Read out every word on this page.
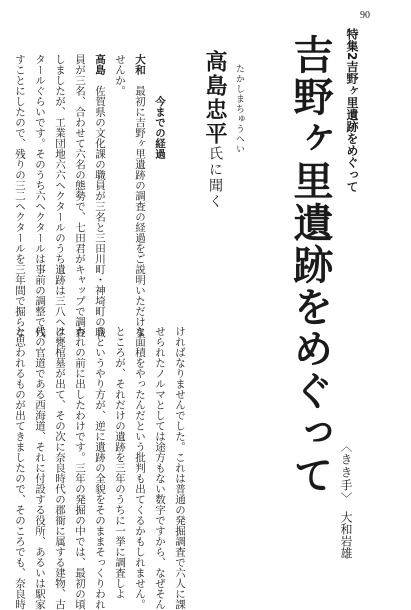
90
特集2吉野ヶ里遺跡をめぐって
吉野ヶ里遺跡をめぐって
たかしまちゅうへい
高島忠平氏に聞く
今までの経過
大和　最初に吉野ヶ里遺跡の調査の経過をご説明いただけま
せんか。
高島　佐賀県の文化課の職員が三名と三田川町・神埼町の職
員が三名、合わせて六名の態勢で、七田君がキャップで調査
しましたが、工業団地六六ヘクタールのうち遺跡は三八ヘク
タールぐらいです。そのうち六ヘクタールは事前の調整で残
すことにしたので、残りの三二ヘクタールを三年間で掘らな
〈きき手〉　大和岩雄
ければなりませんでした。これは普通の発掘調査で六人に課
せられたノルマとしては途方もない数字ですから、なぜそん
な面積をやったんだという批判も出てくるかもしれません。
ところが、それだけの遺跡を三年のうちに一挙に調査しよ
うというやり方が、逆に遺跡の全貌をそのままそっくりわれ
われの前に出したわけです。三年の発掘の中では、最初の頃
は甕棺墓が出て、その次に奈良時代の郡衙に属する建物、古
代の官道である西海道、それに付設する役所、あるいは駅家
と思われるものが出てきましたので、そのころでも、奈良時
